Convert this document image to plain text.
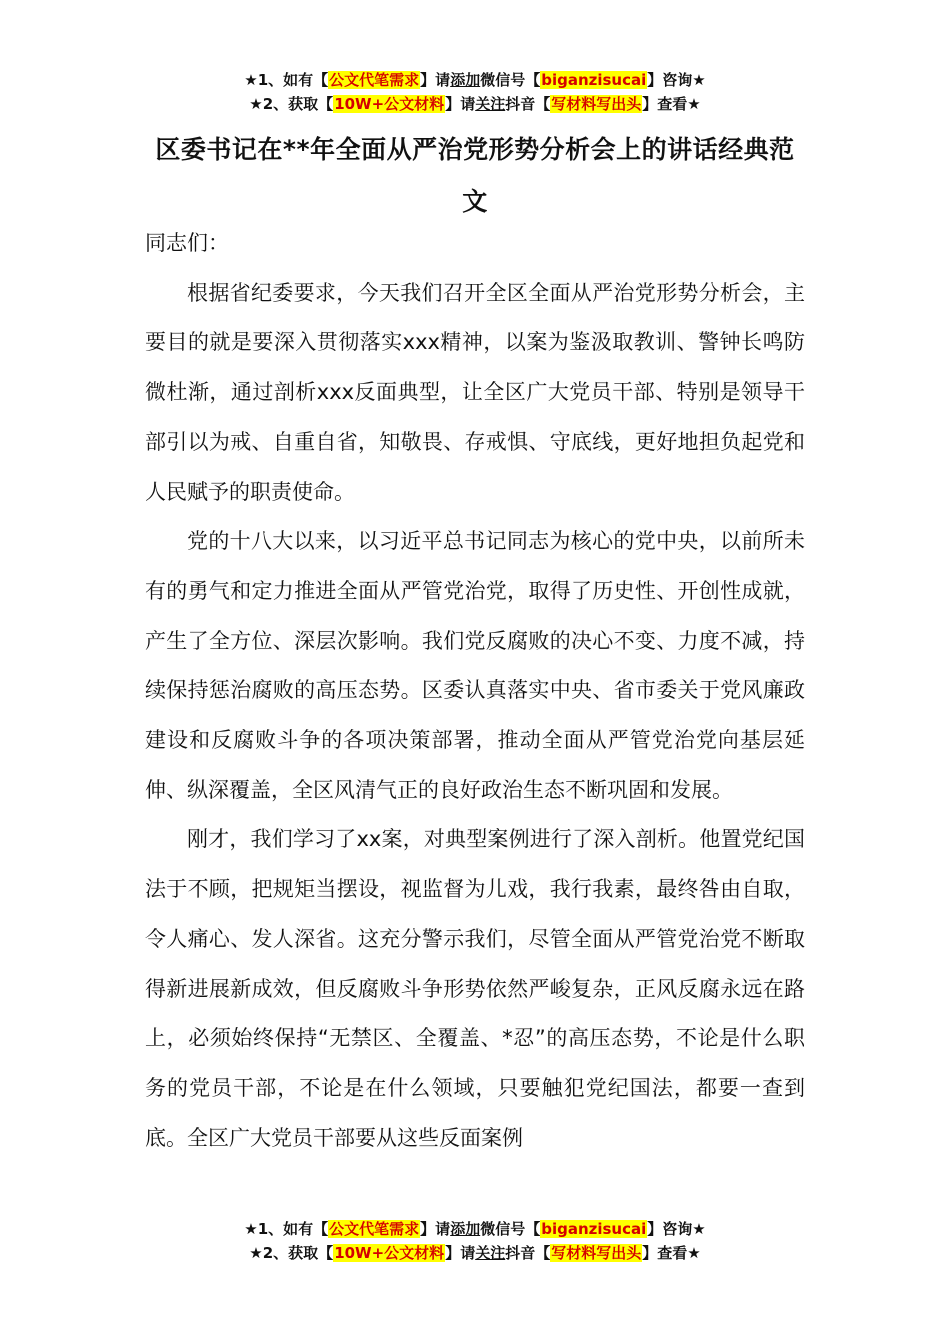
★1、如有【公文代笔需求】请添加微信号【biganzisucai】咨询★
★2、获取【10W+公文材料】请关注抖音【写材料写出头】查看★
区委书记在**年全面从严治党形势分析会上的讲话经典范文

同志们：

根据省纪委要求，今天我们召开全区全面从严治党形势分析会，主要目的就是要深入贯彻落实xxx精神，以案为鉴汲取教训、警钟长鸣防微杜渐，通过剖析xxx反面典型，让全区广大党员干部、特别是领导干部引以为戒、自重自省，知敬畏、存戒惧、守底线，更好地担负起党和人民赋予的职责使命。

党的十八大以来，以习近平总书记同志为核心的党中央，以前所未有的勇气和定力推进全面从严管党治党，取得了历史性、开创性成就，产生了全方位、深层次影响。我们党反腐败的决心不变、力度不减，持续保持惩治腐败的高压态势。区委认真落实中央、省市委关于党风廉政建设和反腐败斗争的各项决策部署，推动全面从严管党治党向基层延伸、纵深覆盖，全区风清气正的良好政治生态不断巩固和发展。

刚才，我们学习了xx案，对典型案例进行了深入剖析。他置党纪国法于不顾，把规矩当摆设，视监督为儿戏，我行我素，最终咎由自取，令人痛心、发人深省。这充分警示我们，尽管全面从严管党治党不断取得新进展新成效，但反腐败斗争形势依然严峻复杂，正风反腐永远在路上，必须始终保持“无禁区、全覆盖、*忍”的高压态势，不论是什么职务的党员干部，不论是在什么领域，只要触犯党纪国法，都要一查到底。全区广大党员干部要从这些反面案例

★1、如有【公文代笔需求】请添加微信号【biganzisucai】咨询★
★2、获取【10W+公文材料】请关注抖音【写材料写出头】查看★
